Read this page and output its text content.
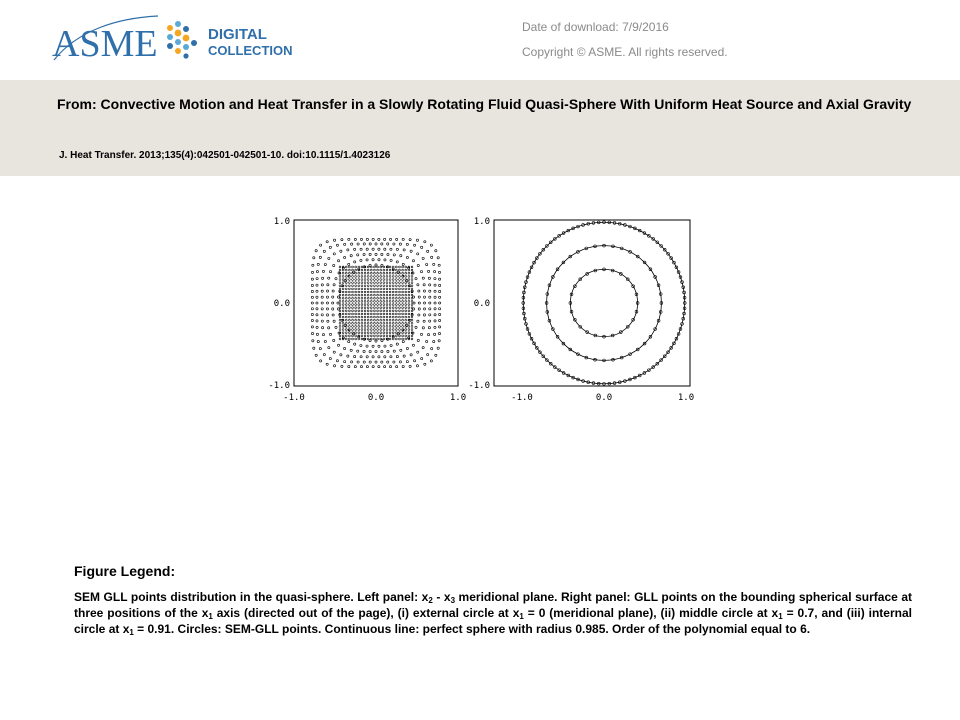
ASME	DIGITAL
COLLECTION
Date of download: 7/9/2016
Copyright © ASME. All rights reserved.
From: Convective Motion and Heat Transfer in a Slowly Rotating Fluid Quasi-Sphere With Uniform Heat Source and Axial Gravity
J. Heat Transfer. 2013;135(4):042501-042501-10. doi:10.1115/1.4023126
1.0
0.0
-1.0
-1.0	0.0	1.0
1.0
0.0
-1.0
-1.0	0.0	1.0
Figure Legend:
SEM GLL points distribution in the quasi-sphere. Left panel: $x_2 - x_3$ meridional plane. Right panel: GLL points on the bounding spherical surface at three positions of the $x_1$ axis (directed out of the page), (i) external circle at $x_1 = 0$ (meridional plane), (ii) middle circle at $x_1 = 0.7$, and (iii) internal circle at $x_1 = 0.91$. Circles: SEM-GLL points. Continuous line: perfect sphere with radius 0.985. Order of the polynomial equal to 6.
